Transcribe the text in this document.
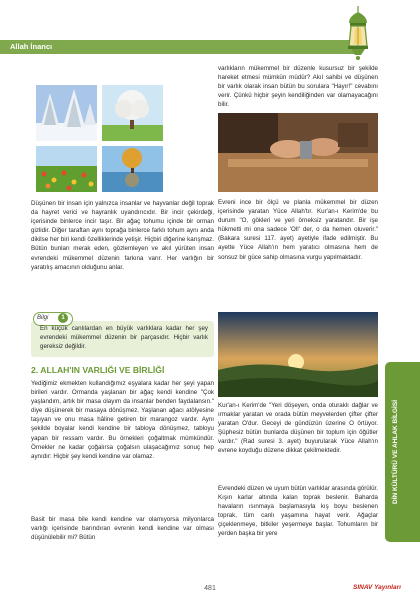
Allah İnancı

Düşünen bir insan için yalnızca insanlar ve hayvanlar değil toprak da hayret verici ve hayranlık uyandırıcıdır. Bir incir çekirdeği, içerisinde binlerce incir taşır. Bir ağaç tohumu içinde bir orman gizlidir. Diğer taraftan aynı toprağa binlerce farklı tohum aynı anda dikilse her biri kendi özelliklerinde yetişir. Hiçbiri diğerine karışmaz. Bütün bunları merak eden, gözlemleyen ve akıl yürüten insan evrendeki mükemmel düzenin farkına varır. Her varlığın bir yaratılış amacının olduğunu anlar.

Bilgi	1
En küçük canlılardan en büyük varlıklara kadar her şey evrendeki mükemmel düzenin bir parçasıdır. Hiçbir varlık gereksiz değildir.
2. ALLAH'IN VARLIĞI VE BİRLİĞİ

Yediğimiz ekmekten kullandığımız eşyalara kadar her şeyi yapan birileri vardır. Ormanda yaşlanan bir ağaç kendi kendine "Çok yaşlandım, artık bir masa olayım da insanlar benden faydalansın." diye düşünerek bir masaya dönüşmez. Yaşlanan ağacı atölyesine taşıyan ve onu masa hâline getiren bir marangoz vardır. Aynı şekilde boyalar kendi kendine bir tabloya dönüşmez, tabloyu yapan bir ressam vardır. Bu örnekleri çoğaltmak mümkündür. Örnekler ne kadar çoğalırsa çoğalsın ulaşacağımız sonuç hep aynıdır: Hiçbir şey kendi kendine var olamaz.

Basit bir masa bile kendi kendine var olamıyorsa milyonlarca varlığı içerisinde barındıran evrenin kendi kendine var olması düşünülebilir mi? Bütün

varlıkların mükemmel bir düzenle kusursuz bir şekilde hareket etmesi mümkün müdür? Akıl sahibi ve düşünen bir varlık olarak insan bütün bu sorulara "Hayır!" cevabını verir. Çünkü hiçbir şeyin kendiliğinden var olamayacağını bilir.

Evreni ince bir ölçü ve planla mükemmel bir düzen içerisinde yaratan Yüce Allah'tır. Kur'an-ı Kerim'de bu durum "O, gökleri ve yeri örneksiz yaratandır. Bir işe hükmetti mi ona sadece 'Ol!' der, o da hemen oluverir." (Bakara suresi 117. ayet) ayetiyle ifade edilmiştir. Bu ayette Yüce Allah'ın hem yaratıcı olmasına hem de sonsuz bir güce sahip olmasına vurgu yapılmaktadır.

Kur'an-ı Kerim'de "Yeri döşeyen, onda oturaklı dağlar ve ırmaklar yaratan ve orada bütün meyvelerden çifter çifter yaratan O'dur. Geceyi de gündüzün üzerine O örtüyor. Şüphesiz bütün bunlarda düşünen bir toplum için öğütler vardır." (Rad suresi 3. ayet) buyurularak Yüce Allah'ın evrene koyduğu düzene dikkat çekilmektedir.

Evrendeki düzen ve uyum bütün varlıklar arasında görülür. Kışın karlar altında kalan toprak beslenir. Baharda havaların ısınmaya başlamasıyla kış boyu beslenen toprak, tüm canlı yaşamına hayat verir. Ağaçlar çiçeklenmeye, bitkiler yeşermeye başlar. Tohumların bir yerden başka bir yere

DİN KÜLTÜRÜ VE AHLAK BİLGİSİ
481	SINAV Yayınları
